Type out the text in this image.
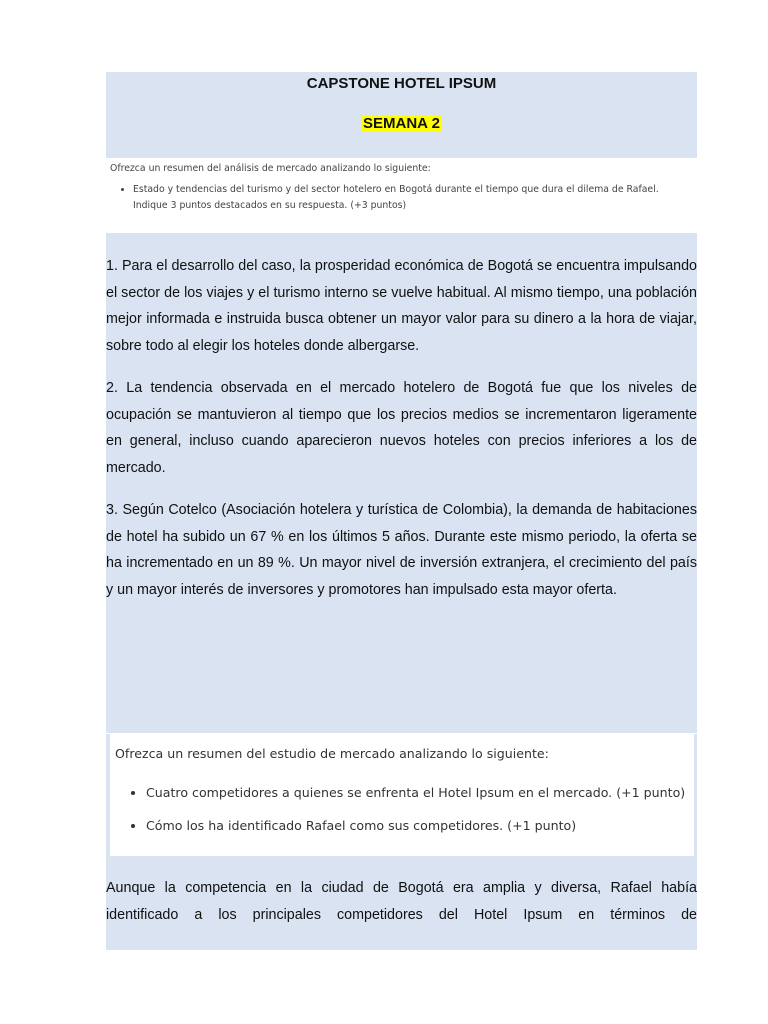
CAPSTONE HOTEL IPSUM
SEMANA 2
Ofrezca un resumen del análisis de mercado analizando lo siguiente:
• Estado y tendencias del turismo y del sector hotelero en Bogotá durante el tiempo que dura el dilema de Rafael. Indique 3 puntos destacados en su respuesta. (+3 puntos)
1. Para el desarrollo del caso, la prosperidad económica de Bogotá se encuentra impulsando el sector de los viajes y el turismo interno se vuelve habitual. Al mismo tiempo, una población mejor informada e instruida busca obtener un mayor valor para su dinero a la hora de viajar, sobre todo al elegir los hoteles donde albergarse.
2. La tendencia observada en el mercado hotelero de Bogotá fue que los niveles de ocupación se mantuvieron al tiempo que los precios medios se incrementaron ligeramente en general, incluso cuando aparecieron nuevos hoteles con precios inferiores a los de mercado.
3. Según Cotelco (Asociación hotelera y turística de Colombia), la demanda de habitaciones de hotel ha subido un 67 % en los últimos 5 años. Durante este mismo periodo, la oferta se ha incrementado en un 89 %. Un mayor nivel de inversión extranjera, el crecimiento del país y un mayor interés de inversores y promotores han impulsado esta mayor oferta.
Aunque la competencia en la ciudad de Bogotá era amplia y diversa, Rafael había
identificado a los principales competidores del Hotel Ipsum en términos de
Ofrezca un resumen del estudio de mercado analizando lo siguiente:
• Cuatro competidores a quienes se enfrenta el Hotel Ipsum en el mercado. (+1 punto)
• Cómo los ha identificado Rafael como sus competidores. (+1 punto)
